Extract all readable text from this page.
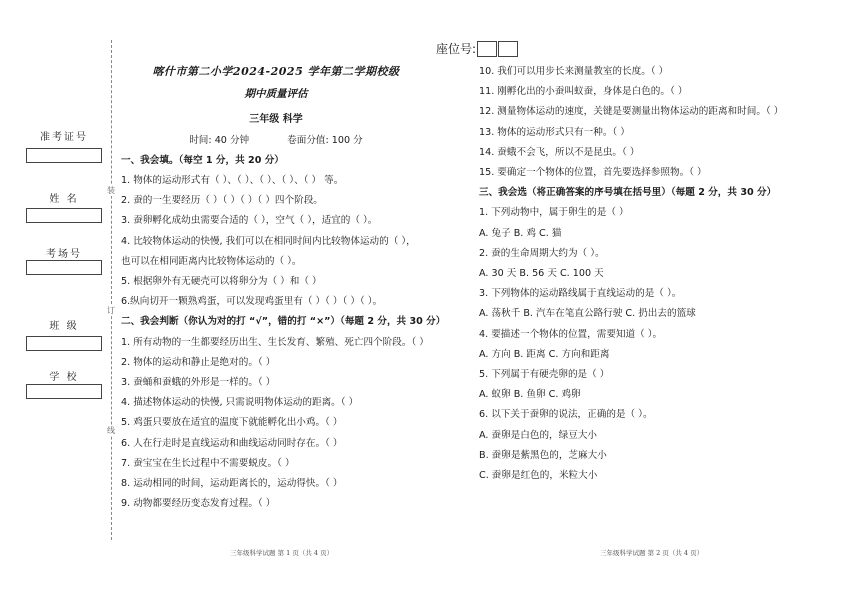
座位号:
准考证号
姓 名
考场号
班 级
学 校
装
订
线
喀什市第二小学2024-2025 学年第二学期校级
期中质量评估
三年级 科学
时间: 40 分钟	卷面分值: 100 分
一、我会填。（每空 1 分，共 20 分）
1. 物体的运动形式有（ ）、（ ）、（ ）、（ ）、（ ） 等。
2. 蚕的一生要经历（ ）（ ）（ ）（ ）四个阶段。
3. 蚕卵孵化成幼虫需要合适的（ ），空气（ ），适宜的（ ）。
4. 比较物体运动的快慢, 我们可以在相同时间内比较物体运动的（ ），
也可以在相同距离内比较物体运动的（ ）。
5. 根据卵外有无硬壳可以将卵分为（ ）和（ ）
6.纵向切开一颗熟鸡蛋，可以发现鸡蛋里有（ ）（ ）（ ）（ ）。
二、我会判断（你认为对的打 “√”，错的打 “×”）（每题 2 分，共 30 分）
1. 所有动物的一生都要经历出生、生长发育、繁殖、死亡四个阶段。（ ）
2. 物体的运动和静止是绝对的。（ ）
3. 蚕蛹和蚕蛾的外形是一样的。（ ）
4. 描述物体运动的快慢, 只需说明物体运动的距离。（ ）
5. 鸡蛋只要放在适宜的温度下就能孵化出小鸡。（ ）
6. 人在行走时是直线运动和曲线运动同时存在。（ ）
7. 蚕宝宝在生长过程中不需要蜕皮。（ ）
8. 运动相同的时间，运动距离长的，运动得快。（ ）
9. 动物都要经历变态发育过程。（ ）
10. 我们可以用步长来测量教室的长度。（ ）
11. 刚孵化出的小蚕叫蚁蚕，身体是白色的。（ ）
12. 测量物体运动的速度，关键是要测量出物体运动的距离和时间。（ ）
13. 物体的运动形式只有一种。（ ）
14. 蚕蛾不会飞，所以不是昆虫。（ ）
15. 要确定一个物体的位置，首先要选择参照物。（ ）
三、我会选（将正确答案的序号填在括号里）（每题 2 分，共 30 分）
1. 下列动物中，属于卵生的是（ ）
A. 兔子 B. 鸡 C. 猫
2. 蚕的生命周期大约为（ ）。
A. 30 天 B. 56 天 C. 100 天
3. 下列物体的运动路线属于直线运动的是（ ）。
A. 荡秋千 B. 汽车在笔直公路行驶 C. 扔出去的篮球
4. 要描述一个物体的位置，需要知道（ ）。
A. 方向 B. 距离 C. 方向和距离
5. 下列属于有硬壳卵的是（ ）
A. 蚁卵 B. 鱼卵 C. 鸡卵
6. 以下关于蚕卵的说法，正确的是（ ）。
A. 蚕卵是白色的，绿豆大小
B. 蚕卵是紫黑色的，芝麻大小
C. 蚕卵是红色的，米粒大小
三年级科学试题 第 1 页（共 4 页）	三年级科学试题 第 2 页（共 4 页）
